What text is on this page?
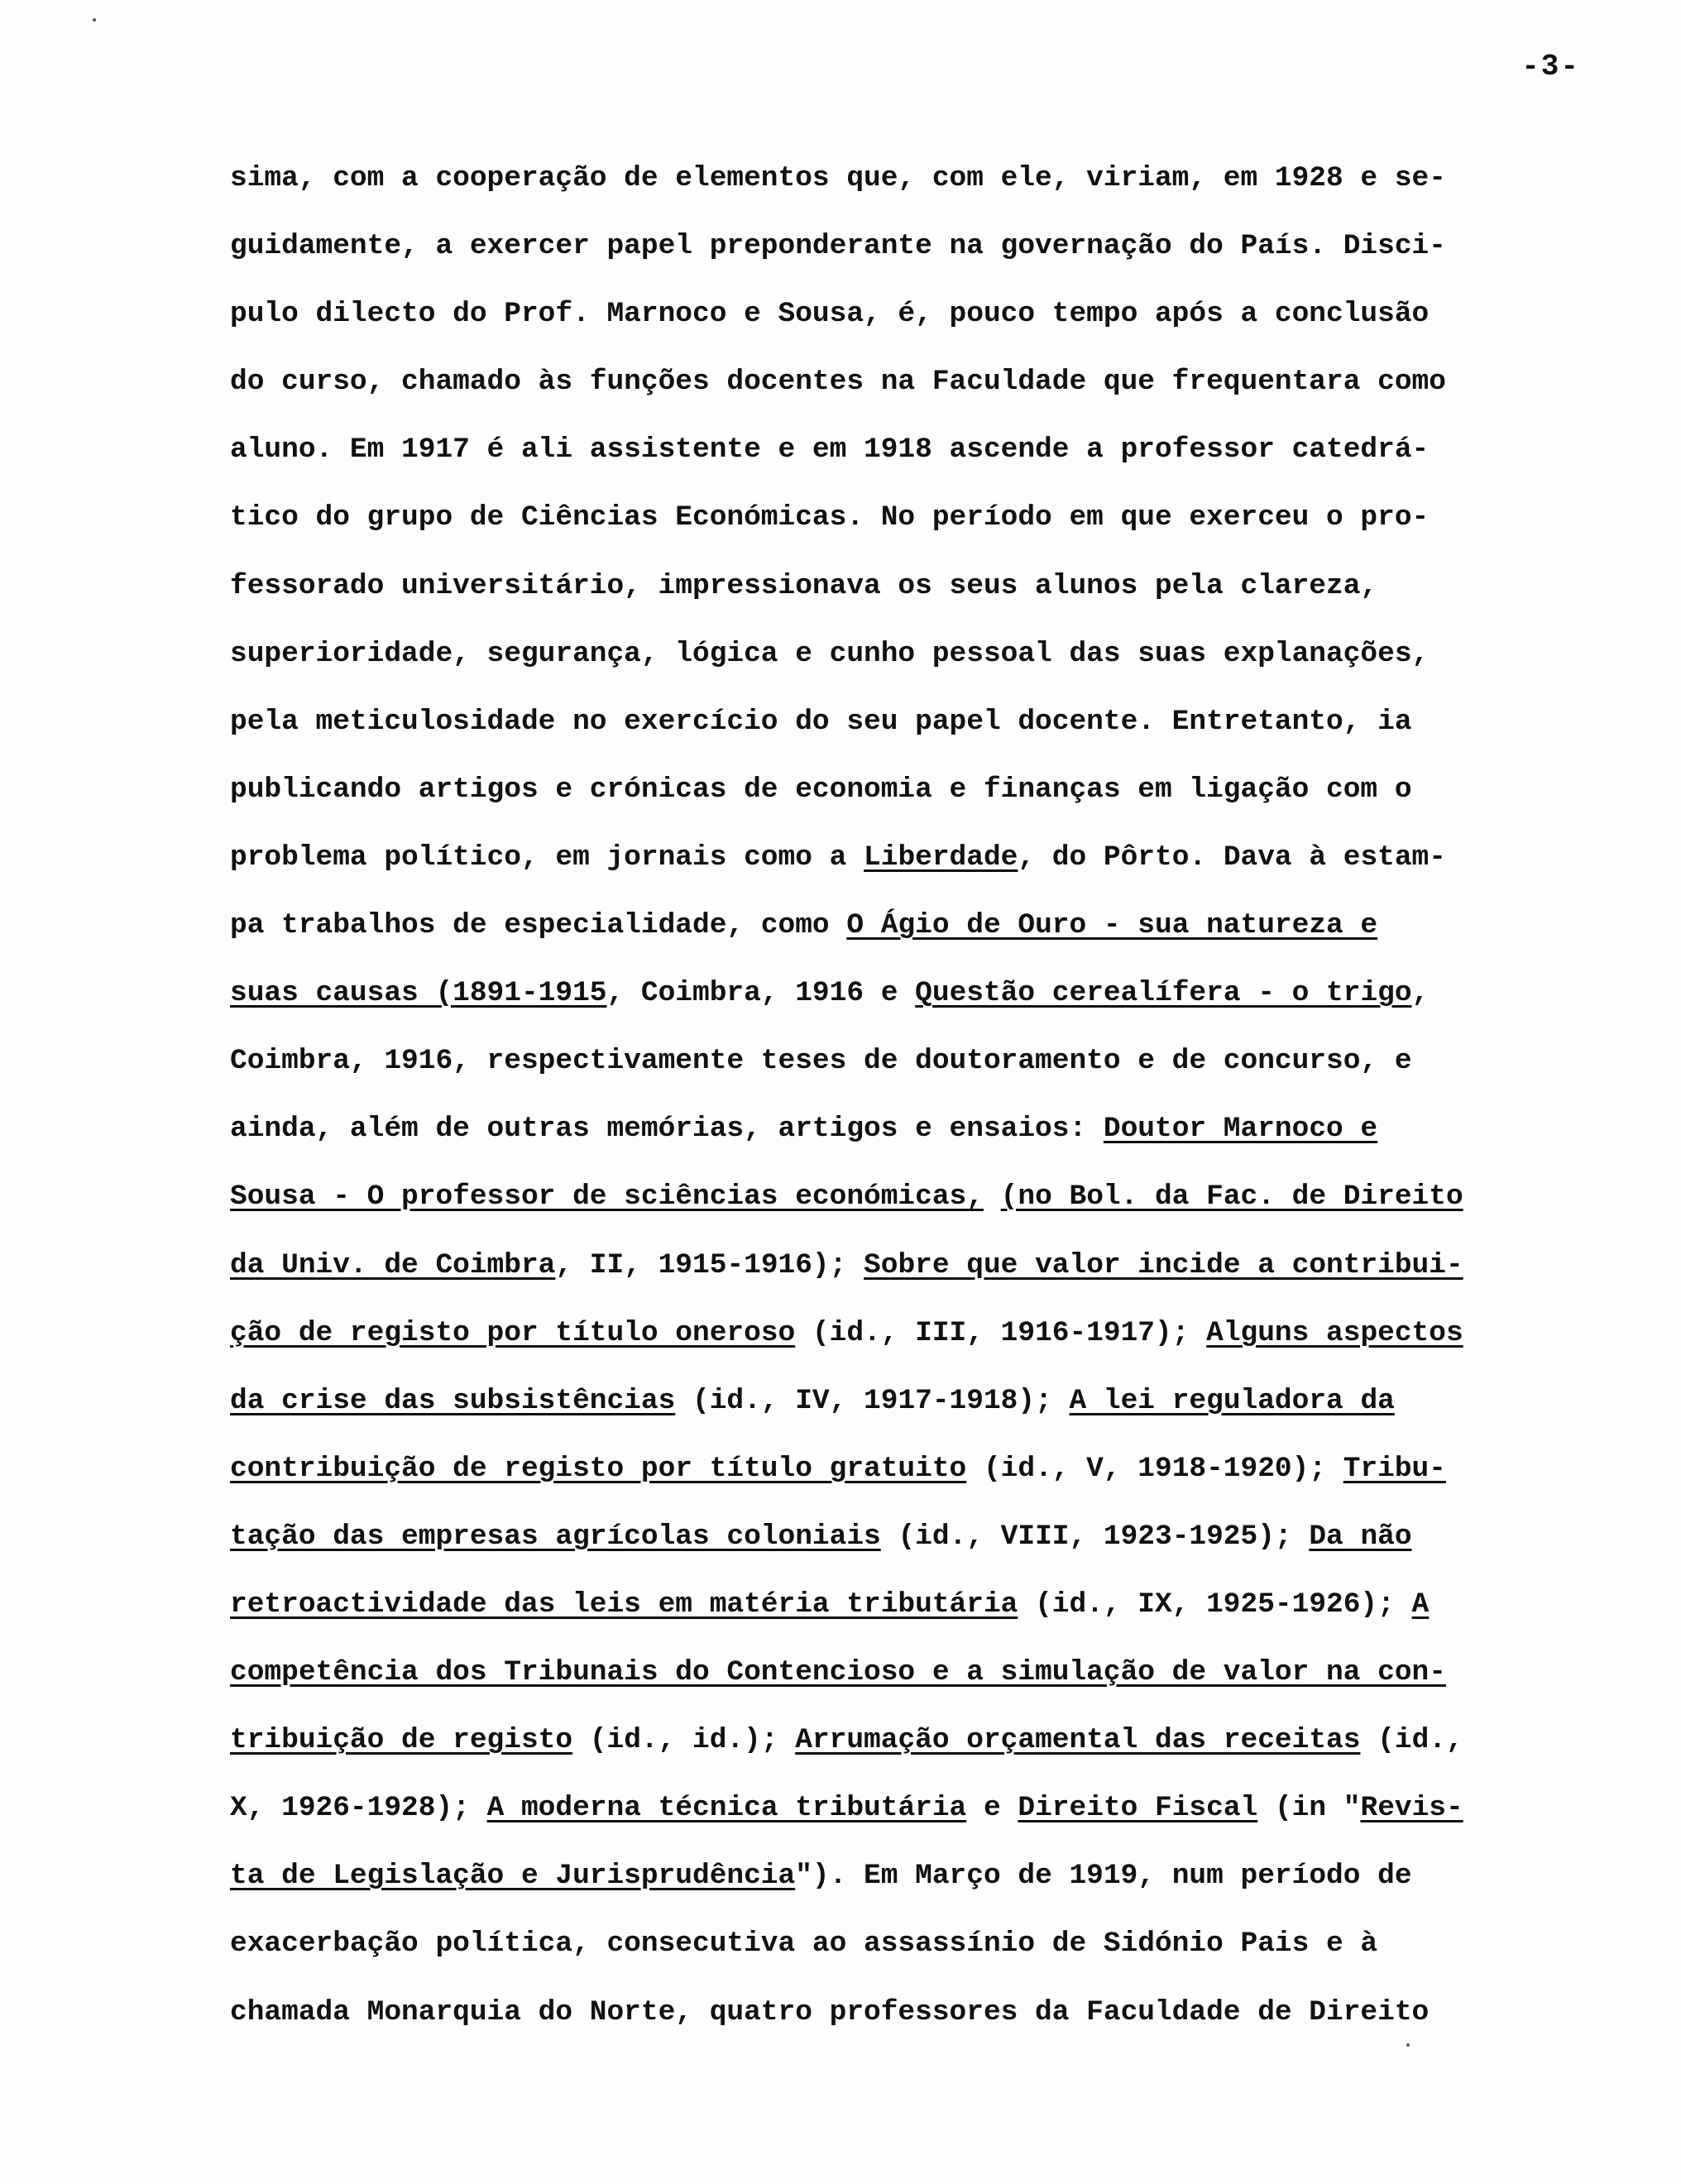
-3-
sima, com a cooperação de elementos que, com ele, viriam, em 1928 e se-
guidamente, a exercer papel preponderante na governação do País. Disci-
pulo dilecto do Prof. Marnoco e Sousa, é, pouco tempo após a conclusão
do curso, chamado às funções docentes na Faculdade que frequentara como
aluno. Em 1917 é ali assistente e em 1918 ascende a professor catedrá-
tico do grupo de Ciências Económicas. No período em que exerceu o pro-
fessorado universitário, impressionava os seus alunos pela clareza,
superioridade, segurança, lógica e cunho pessoal das suas explanações,
pela meticulosidade no exercício do seu papel docente. Entretanto, ia
publicando artigos e crónicas de economia e finanças em ligação com o
problema político, em jornais como a Liberdade, do Pôrto. Dava à estam-
pa trabalhos de especialidade, como O Ágio de Ouro - sua natureza e
suas causas (1891-1915, Coimbra, 1916 e Questão cerealífera - o trigo,
Coimbra, 1916, respectivamente teses de doutoramento e de concurso, e
ainda, além de outras memórias, artigos e ensaios: Doutor Marnoco e
Sousa - O professor de sciências económicas, (no Bol. da Fac. de Direito
da Univ. de Coimbra, II, 1915-1916); Sobre que valor incide a contribui-
ção de registo por título oneroso (id., III, 1916-1917); Alguns aspectos
da crise das subsistências (id., IV, 1917-1918); A lei reguladora da
contribuição de registo por título gratuito (id., V, 1918-1920); Tribu-
tação das empresas agrícolas coloniais (id., VIII, 1923-1925); Da não
retroactividade das leis em matéria tributária (id., IX, 1925-1926); A
competência dos Tribunais do Contencioso e a simulação de valor na con-
tribuição de registo (id., id.); Arrumação orçamental das receitas (id.,
X, 1926-1928); A moderna técnica tributária e Direito Fiscal (in "Revis-
ta de Legislação e Jurisprudência"). Em Março de 1919, num período de
exacerbação política, consecutiva ao assassínio de Sidónio Pais e à
chamada Monarquia do Norte, quatro professores da Faculdade de Direito
